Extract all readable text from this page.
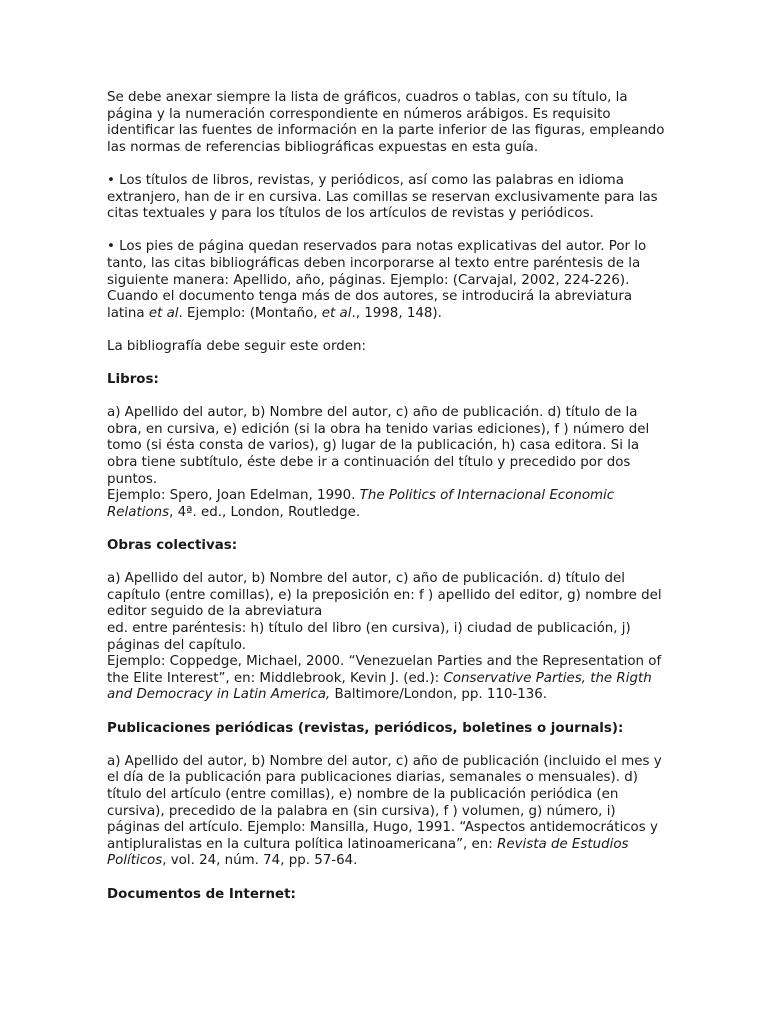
Se debe anexar siempre la lista de gráficos, cuadros o tablas, con su título, la página y la numeración correspondiente en números arábigos. Es requisito identificar las fuentes de información en la parte inferior de las figuras, empleando las normas de referencias bibliográficas expuestas en esta guía.

• Los títulos de libros, revistas, y periódicos, así como las palabras en idioma extranjero, han de ir en cursiva. Las comillas se reservan exclusivamente para las citas textuales y para los títulos de los artículos de revistas y periódicos.

• Los pies de página quedan reservados para notas explicativas del autor. Por lo tanto, las citas bibliográficas deben incorporarse al texto entre paréntesis de la siguiente manera: Apellido, año, páginas. Ejemplo: (Carvajal, 2002, 224-226). Cuando el documento tenga más de dos autores, se introducirá la abreviatura latina et al. Ejemplo: (Montaño, et al., 1998, 148).

La bibliografía debe seguir este orden:

Libros:

a) Apellido del autor, b) Nombre del autor, c) año de publicación. d) título de la obra, en cursiva, e) edición (si la obra ha tenido varias ediciones), f ) número del tomo (si ésta consta de varios), g) lugar de la publicación, h) casa editora. Si la obra tiene subtítulo, éste debe ir a continuación del título y precedido por dos puntos.
Ejemplo: Spero, Joan Edelman, 1990. The Politics of Internacional Economic Relations, 4ª. ed., London, Routledge.

Obras colectivas:

a) Apellido del autor, b) Nombre del autor, c) año de publicación. d) título del capítulo (entre comillas), e) la preposición en: f ) apellido del editor, g) nombre del editor seguido de la abreviatura
ed. entre paréntesis: h) título del libro (en cursiva), i) ciudad de publicación, j) páginas del capítulo.
Ejemplo: Coppedge, Michael, 2000. “Venezuelan Parties and the Representation of the Elite Interest”, en: Middlebrook, Kevin J. (ed.): Conservative Parties, the Rigth and Democracy in Latin America, Baltimore/London, pp. 110-136.

Publicaciones periódicas (revistas, periódicos, boletines o journals):

a) Apellido del autor, b) Nombre del autor, c) año de publicación (incluido el mes y el día de la publicación para publicaciones diarias, semanales o mensuales). d) título del artículo (entre comillas), e) nombre de la publicación periódica (en cursiva), precedido de la palabra en (sin cursiva), f ) volumen, g) número, i) páginas del artículo. Ejemplo: Mansilla, Hugo, 1991. “Aspectos antidemocráticos y antipluralistas en la cultura política latinoamericana”, en: Revista de Estudios Políticos, vol. 24, núm. 74, pp. 57-64.

Documentos de Internet:
